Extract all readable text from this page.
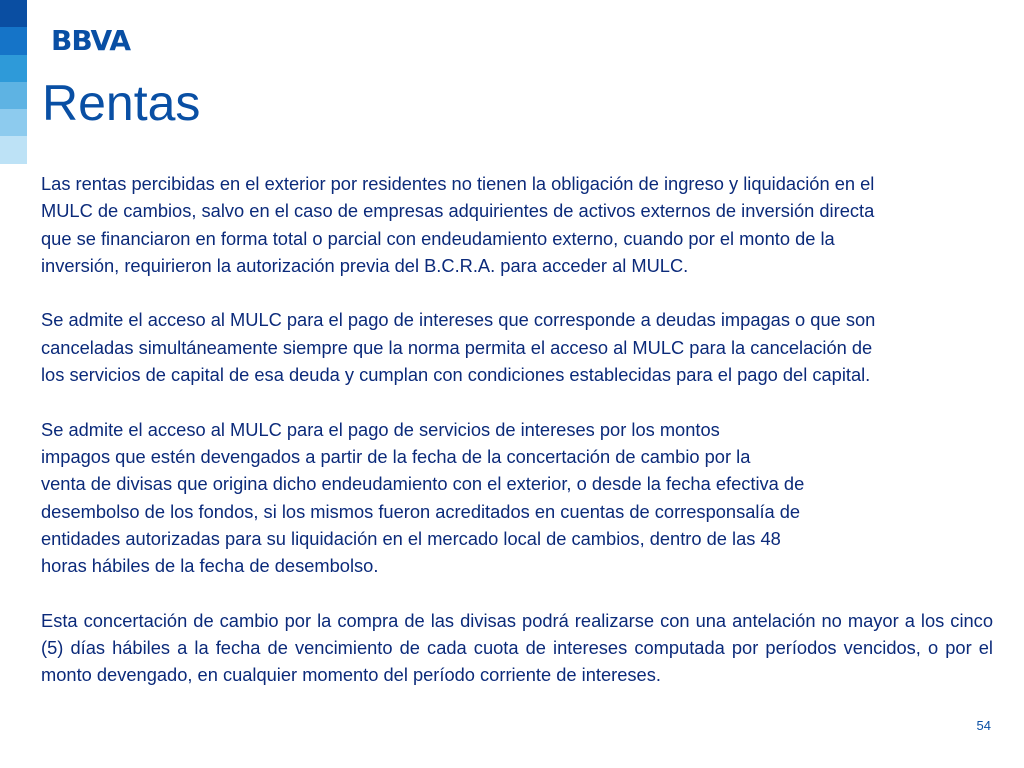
BBVA
Rentas

Las rentas percibidas en el exterior por residentes no tienen la obligación de ingreso y liquidación en el
MULC de cambios, salvo en el caso de empresas adquirientes de activos externos de inversión directa
que se financiaron en forma total o parcial con endeudamiento externo, cuando por el monto de la
inversión, requirieron la autorización previa del B.C.R.A. para acceder al MULC.

Se admite el acceso al MULC para el pago de intereses que corresponde a deudas impagas o que son
canceladas simultáneamente siempre que la norma permita el acceso al MULC para la cancelación de
los servicios de capital de esa deuda y cumplan con condiciones establecidas para el pago del capital.

Se admite el acceso al MULC para el pago de servicios de intereses por los montos
impagos que estén devengados a partir de la fecha de la concertación de cambio por la
venta de divisas que origina dicho endeudamiento con el exterior, o desde la fecha efectiva de
desembolso de los fondos, si los mismos fueron acreditados en cuentas de corresponsalía de
entidades autorizadas para su liquidación en el mercado local de cambios, dentro de las 48
horas hábiles de la fecha de desembolso.

Esta concertación de cambio por la compra de las divisas podrá realizarse con una antelación no mayor a los cinco (5) días hábiles a la fecha de vencimiento de cada cuota de intereses computada por períodos vencidos, o por el monto devengado, en cualquier momento del período corriente de intereses.

54
